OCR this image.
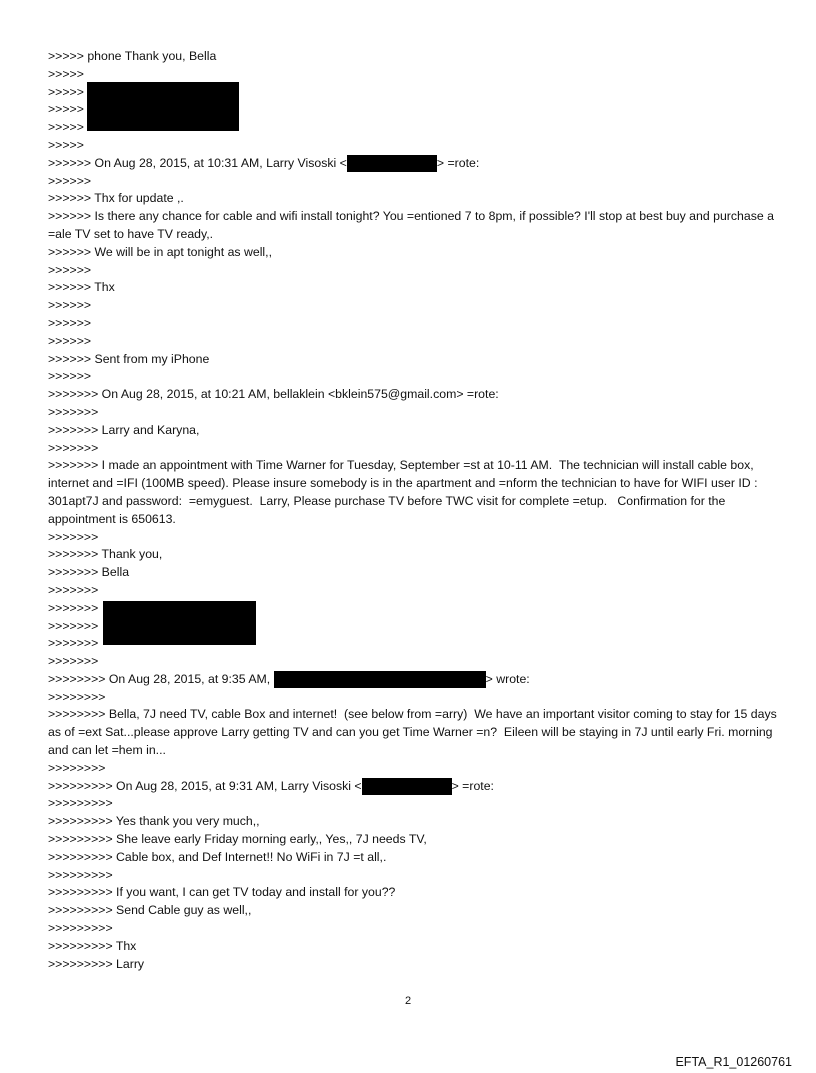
>>>>> phone Thank you, Bella
>>>>>
>>>>>
>>>>>
>>>>>
>>>>>
>>>>>> On Aug 28, 2015, at 10:31 AM, Larry Visoski <	> =rote:
>>>>>>
>>>>>> Thx for update ,.
>>>>>> Is there any chance for cable and wifi install tonight? You =entioned 7 to 8pm, if possible? I'll stop at best buy and purchase a =ale TV set to have TV ready,.
>>>>>> We will be in apt tonight as well,,
>>>>>>
>>>>>> Thx
>>>>>>
>>>>>>
>>>>>>
>>>>>> Sent from my iPhone
>>>>>>
>>>>>>> On Aug 28, 2015, at 10:21 AM, bellaklein <bklein575@gmail.com> =rote:
>>>>>>>
>>>>>>> Larry and Karyna,
>>>>>>>
>>>>>>> I made an appointment with Time Warner for Tuesday, September =st at 10-11 AM.  The technician will install cable box, internet and =IFI (100MB speed). Please insure somebody is in the apartment and =nform the technician to have for WIFI user ID : 301apt7J and password:  =emyguest.  Larry, Please purchase TV before TWC visit for complete =etup.   Confirmation for the appointment is 650613.
>>>>>>>
>>>>>>> Thank you,
>>>>>>> Bella
>>>>>>>
>>>>>>>
>>>>>>>
>>>>>>>
>>>>>>>
>>>>>>>> On Aug 28, 2015, at 9:35 AM,	> wrote:
>>>>>>>>
>>>>>>>> Bella, 7J need TV, cable Box and internet!  (see below from =arry)  We have an important visitor coming to stay for 15 days as of =ext Sat...please approve Larry getting TV and can you get Time Warner =n?  Eileen will be staying in 7J until early Fri. morning and can let =hem in...
>>>>>>>>
>>>>>>>>> On Aug 28, 2015, at 9:31 AM, Larry Visoski <	> =rote:
>>>>>>>>>
>>>>>>>>> Yes thank you very much,,
>>>>>>>>> She leave early Friday morning early,, Yes,, 7J needs TV,
>>>>>>>>> Cable box, and Def Internet!! No WiFi in 7J =t all,.
>>>>>>>>>
>>>>>>>>> If you want, I can get TV today and install for you??
>>>>>>>>> Send Cable guy as well,,
>>>>>>>>>
>>>>>>>>> Thx
>>>>>>>>> Larry
2
EFTA_R1_01260761
